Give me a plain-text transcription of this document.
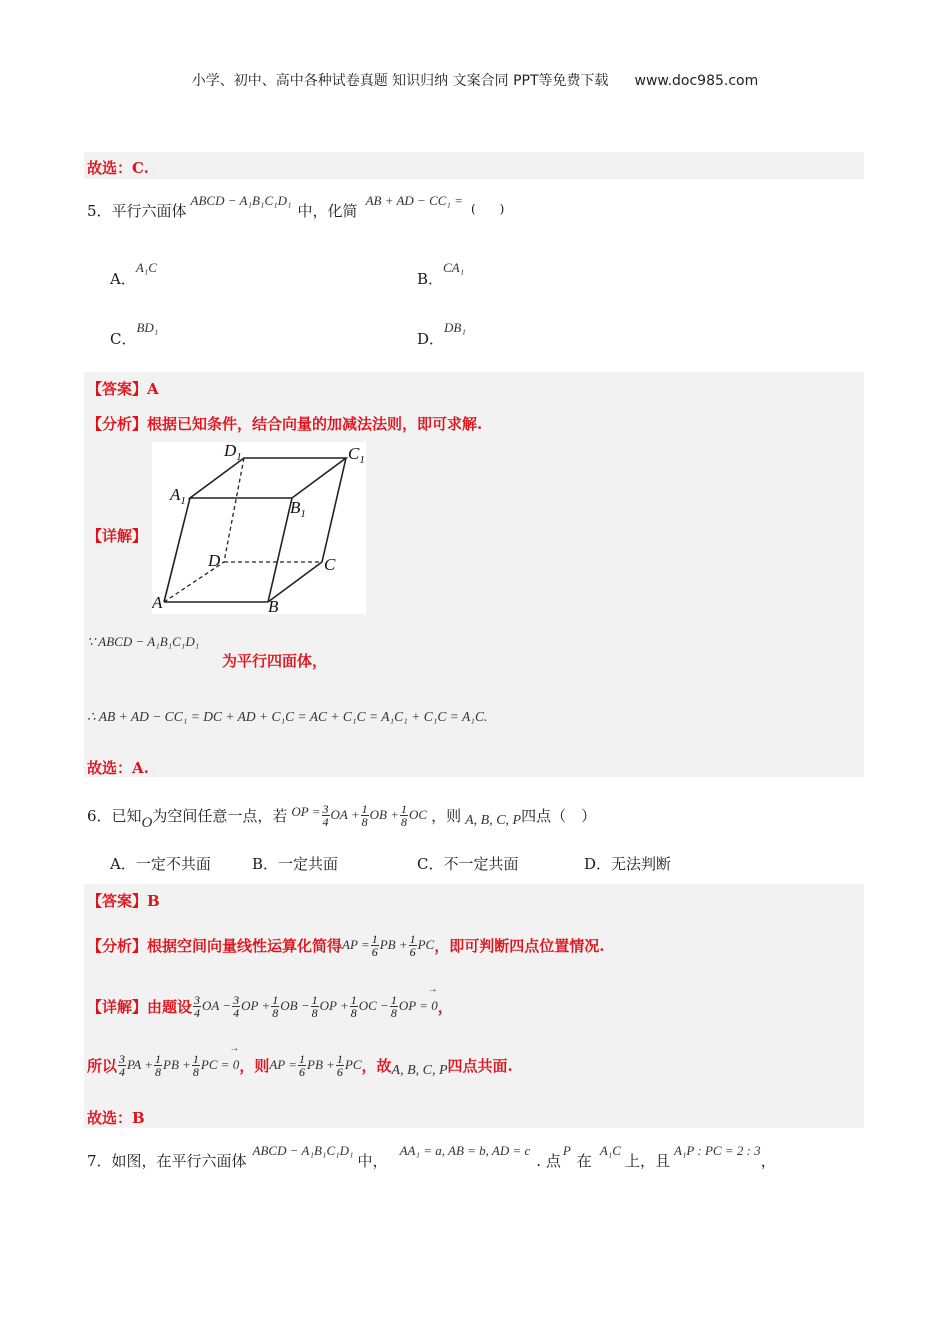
小学、初中、高中各种试卷真题 知识归纳 文案合同 PPT等免费下载 www.doc985.com
故选：C.
5．平行六面体
ABCD − A₁B₁C₁D₁
中，化简
AB + AD − CC₁ =
(　　)
A．A₁C
B．CA₁
C．BD₁
D．DB₁
【答案】A
【分析】根据已知条件，结合向量的加减法法则，即可求解.
【详解】
$D_1$	$C_1$
$A_1$	$B_1$
D	C
A	B
∵ ABCD − A₁B₁C₁D₁
为平行四面体，
∴ AB + AD − CC₁ = DC + AD + C₁C = AC + C₁C = A₁C₁ + C₁C = A₁C.
故选：A.
6．已知 O 为空间任意一点，若 OP = $\frac{3}{4}$ OA + $\frac{1}{8}$ OB + $\frac{1}{8}$ OC ，则 A, B, C, P 四点（　）
A．一定不共面	B．一定共面	C．不一定共面	D．无法判断
【答案】B
【分析】根据空间向量线性运算化简得 AP = $\frac{1}{6}$ PB + $\frac{1}{6}$ PC ，即可判断四点位置情况.
【详解】由题设 $\frac{3}{4}$ OA − $\frac{3}{4}$ OP + $\frac{1}{8}$ OB − $\frac{1}{8}$ OP + $\frac{1}{8}$ OC − $\frac{1}{8}$
→
OP = 0 ，
所以 $\frac{3}{4}$ PA + $\frac{1}{8}$ PB + $\frac{1}{8}$
→
PC = 0 ，则 AP = $\frac{1}{6}$ PB + $\frac{1}{6}$ PC ，故 A, B, C, P 四点共面.
故选：B
7．如图，在平行六面体
ABCD − A₁B₁C₁D₁
中，
AA₁ = a, AB = b, AD = c
. 点
P
在
A₁C
上，且
A₁P : PC = 2 : 3
，
